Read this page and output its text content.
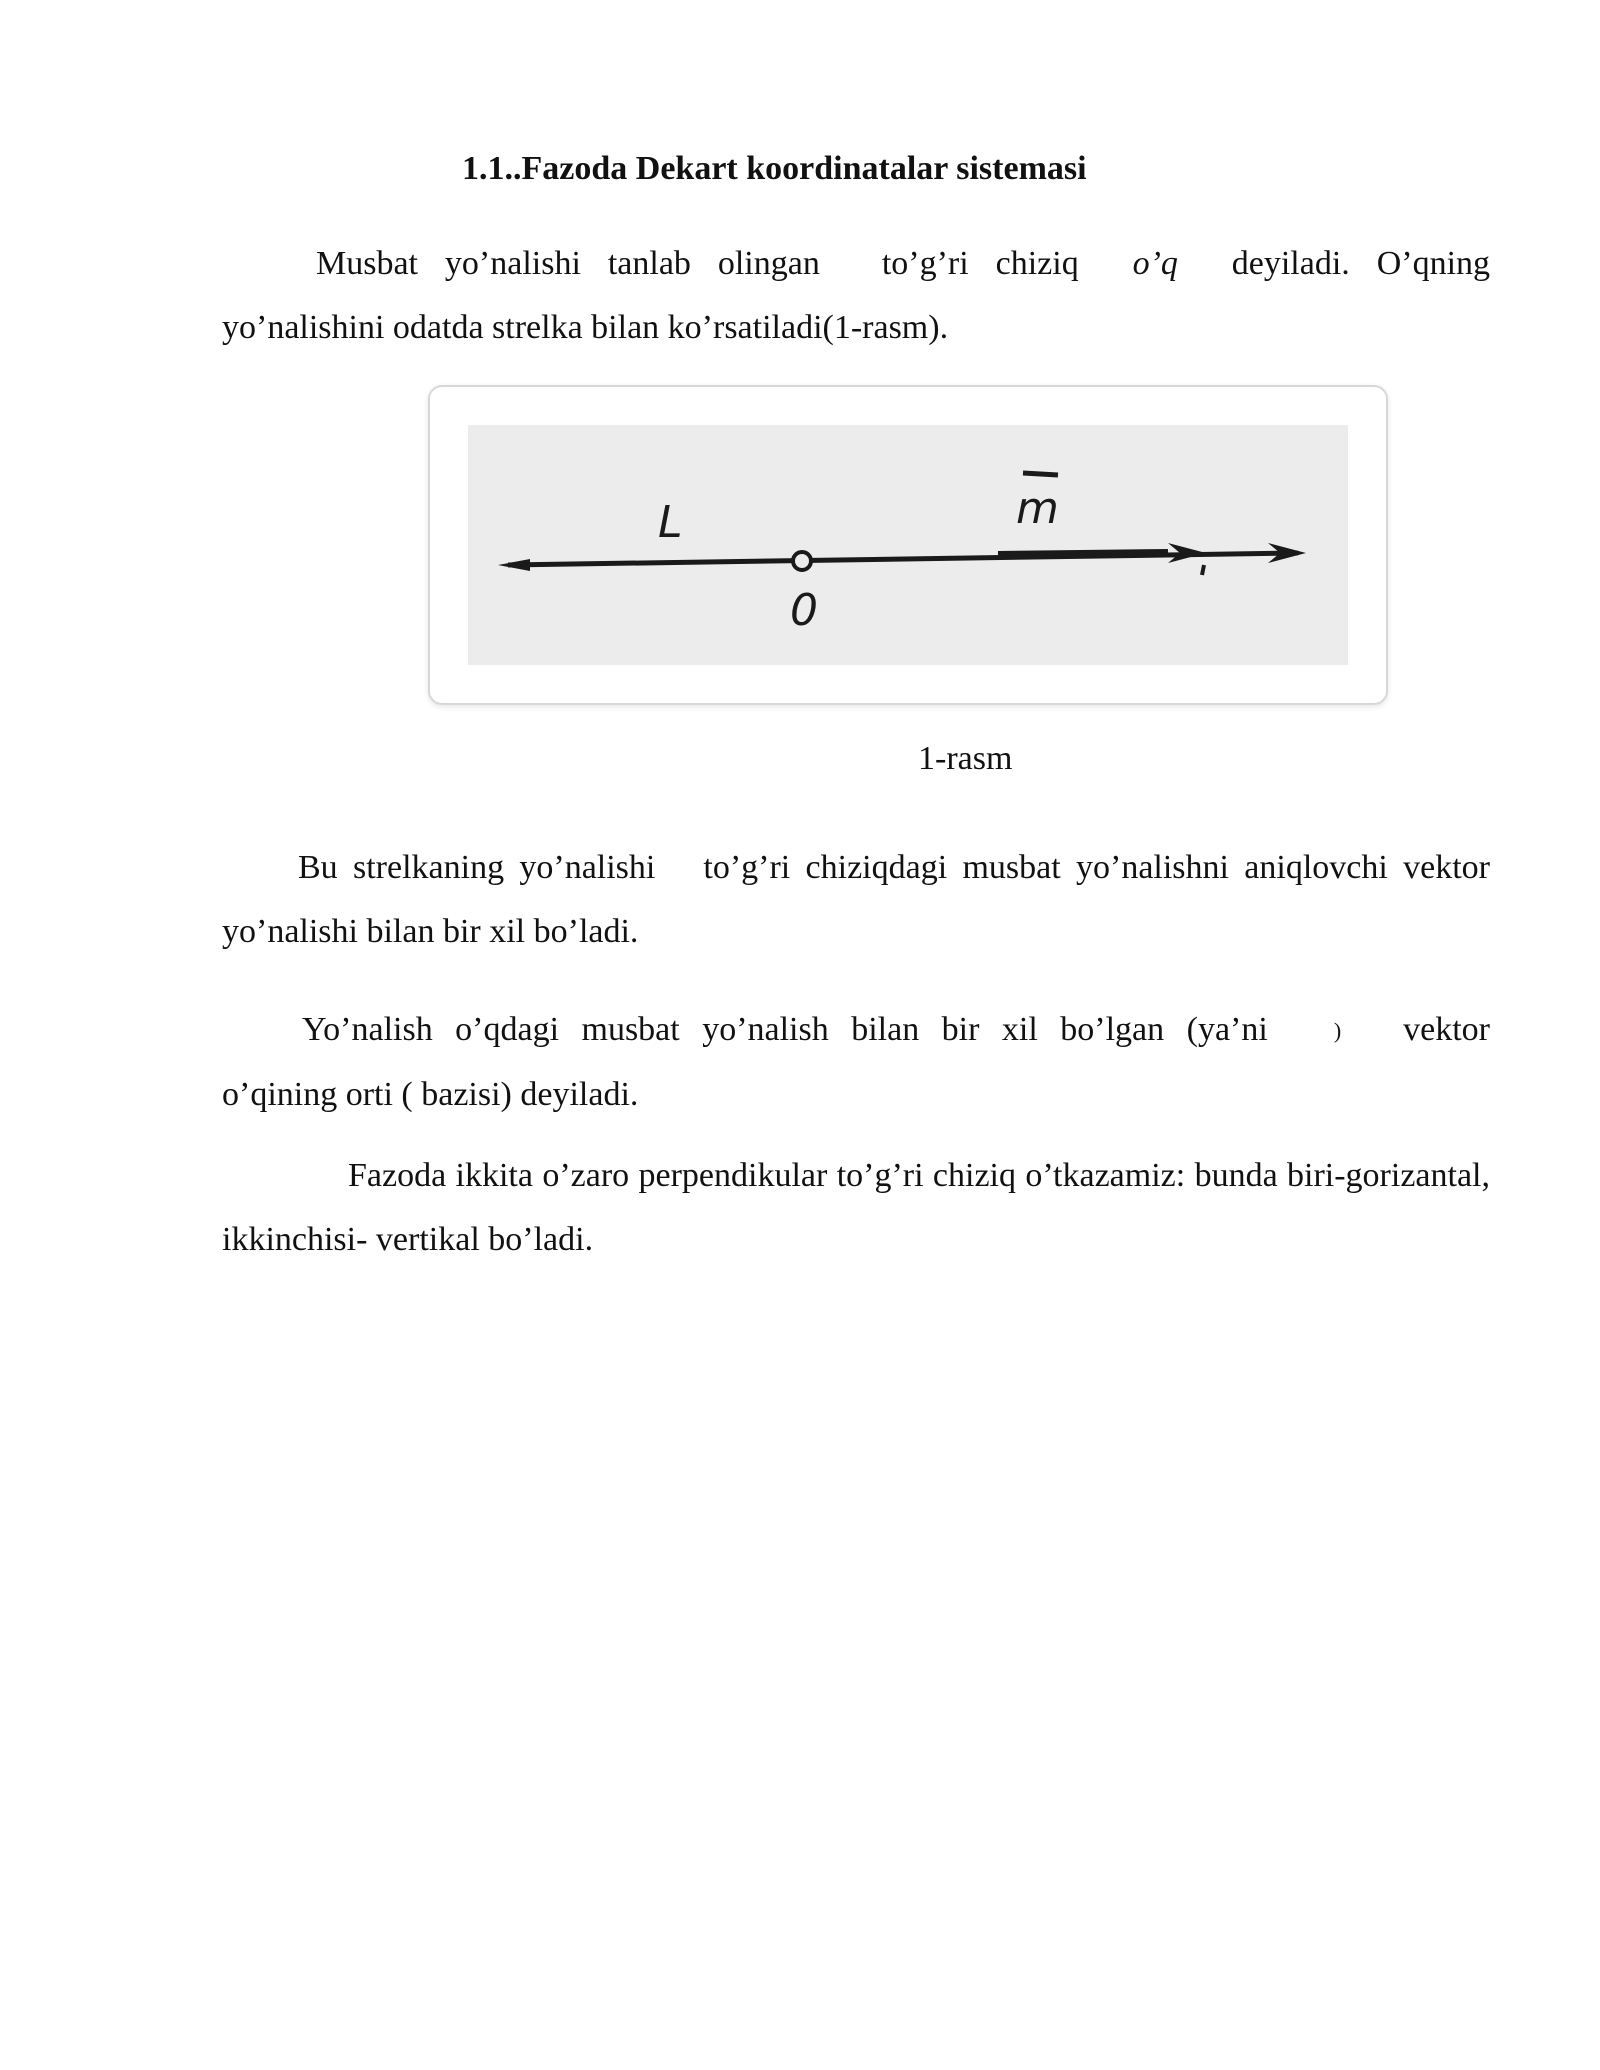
1.1..Fazoda Dekart koordinatalar sistemasi

Musbat yo’nalishi tanlab olingan to’g’ri chiziq o’q deyiladi. O’qning yo’nalishini odatda strelka bilan ko’rsatiladi(1-rasm).

L
0
m
1-rasm

Bu strelkaning yo’nalishi to’g’ri chiziqdagi musbat yo’nalishni aniqlovchi vektor yo’nalishi bilan bir xil bo’ladi.

Yo’nalish o’qdagi musbat yo’nalish bilan bir xil bo’lgan (ya’ni	) vektor o’qining orti ( bazisi) deyiladi.

Fazoda ikkita o’zaro perpendikular to’g’ri chiziq o’tkazamiz: bunda biri-gorizantal, ikkinchisi- vertikal bo’ladi.
